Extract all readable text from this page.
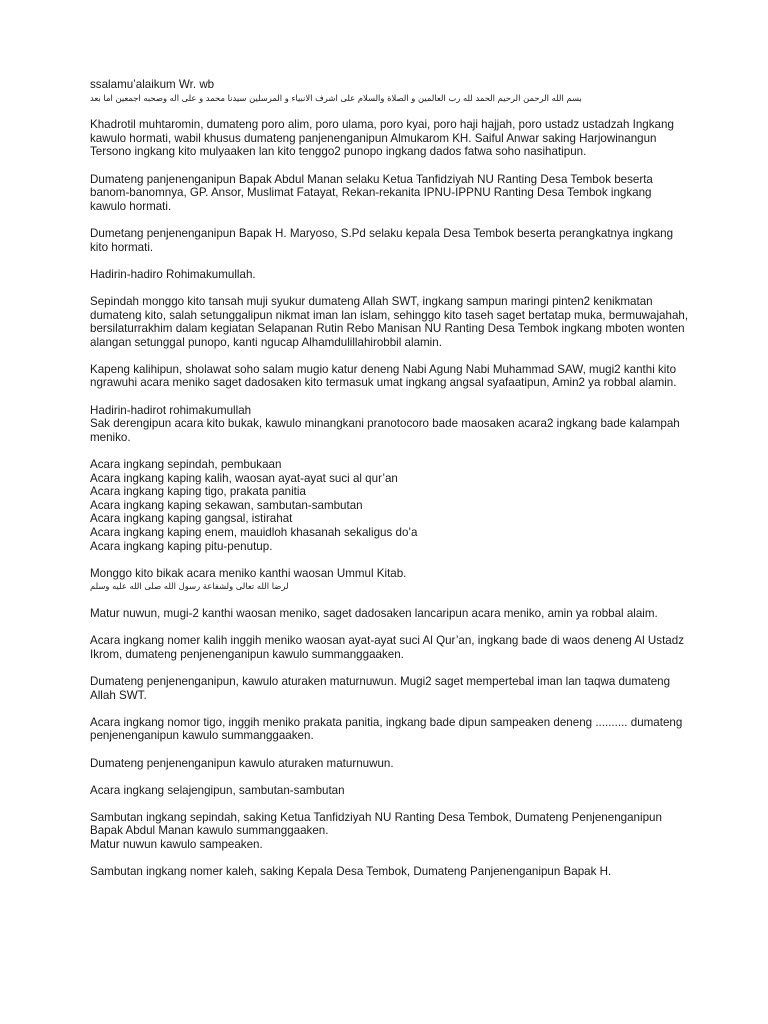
ssalamu’alaikum Wr. wb
بسم الله الرحمن الرحيم الحمد لله رب العالمين و الصلاة والسلام على اشرف الانبياء و المرسلين سيدنا محمد و على اله وصحبه اجمعين اما بعد

Khadrotil muhtaromin, dumateng poro alim, poro ulama, poro kyai, poro haji hajjah, poro ustadz ustadzah Ingkang kawulo hormati, wabil khusus dumateng panjenenganipun Almukarom KH. Saiful Anwar saking Harjowinangun Tersono ingkang kito mulyaaken lan kito tenggo2 punopo ingkang dados fatwa soho nasihatipun.

Dumateng panjenenganipun Bapak Abdul Manan selaku Ketua Tanfidziyah NU Ranting Desa Tembok beserta banom-banomnya, GP. Ansor, Muslimat Fatayat, Rekan-rekanita IPNU-IPPNU Ranting Desa Tembok ingkang kawulo hormati.

Dumetang penjenenganipun Bapak H. Maryoso, S.Pd selaku kepala Desa Tembok beserta perangkatnya ingkang kito hormati.

Hadirin-hadiro Rohimakumullah.

Sepindah monggo kito tansah muji syukur dumateng Allah SWT, ingkang sampun maringi pinten2 kenikmatan dumateng kito, salah setunggalipun nikmat iman lan islam, sehinggo kito taseh saget bertatap muka, bermuwajahah, bersilaturrakhim dalam kegiatan Selapanan Rutin Rebo Manisan NU Ranting Desa Tembok ingkang mboten wonten alangan setunggal punopo, kanti ngucap Alhamdulillahirobbil alamin.

Kapeng kalihipun, sholawat soho salam mugio katur deneng Nabi Agung Nabi Muhammad SAW, mugi2 kanthi kito ngrawuhi acara meniko saget dadosaken kito termasuk umat ingkang angsal syafaatipun, Amin2 ya robbal alamin.

Hadirin-hadirot rohimakumullah
Sak derengipun acara kito bukak, kawulo minangkani pranotocoro bade maosaken acara2 ingkang bade kalampah meniko.

Acara ingkang sepindah, pembukaan
Acara ingkang kaping kalih, waosan ayat-ayat suci al qur’an
Acara ingkang kaping tigo, prakata panitia
Acara ingkang kaping sekawan, sambutan-sambutan
Acara ingkang kaping gangsal, istirahat
Acara ingkang kaping enem, mauidloh khasanah sekaligus do’a
Acara ingkang kaping pitu-penutup.

Monggo kito bikak acara meniko kanthi waosan Ummul Kitab.
لرضا الله تعالى ولشفاعة رسول الله صلى الله عليه وسلم

Matur nuwun, mugi-2 kanthi waosan meniko, saget dadosaken lancaripun acara meniko, amin ya robbal alaim.

Acara ingkang nomer kalih inggih meniko waosan ayat-ayat suci Al Qur’an, ingkang bade di waos deneng Al Ustadz Ikrom, dumateng penjenenganipun kawulo summanggaaken.

Dumateng penjenenganipun, kawulo aturaken maturnuwun. Mugi2 saget mempertebal iman lan taqwa dumateng Allah SWT.

Acara ingkang nomor tigo, inggih meniko prakata panitia, ingkang bade dipun sampeaken deneng .......... dumateng penjenenganipun kawulo summanggaaken.

Dumateng penjenenganipun kawulo aturaken maturnuwun.

Acara ingkang selajengipun, sambutan-sambutan

Sambutan ingkang sepindah, saking Ketua Tanfidziyah NU Ranting Desa Tembok, Dumateng Penjenenganipun Bapak Abdul Manan kawulo summanggaaken.
Matur nuwun kawulo sampeaken.

Sambutan ingkang nomer kaleh, saking Kepala Desa Tembok, Dumateng Panjenenganipun Bapak H.
